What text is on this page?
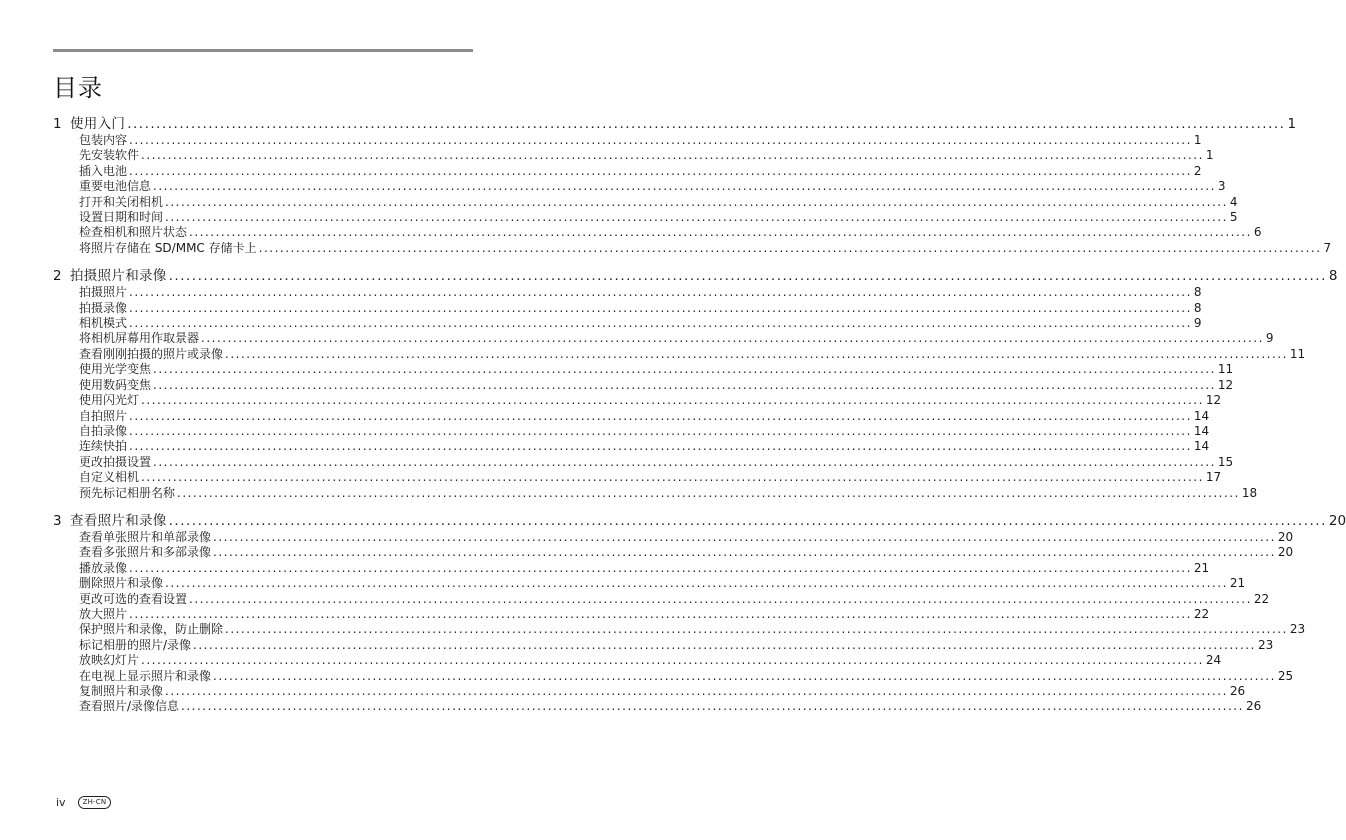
目录
1 使用入门 ........................................................................................................................................................................................................ 1
包装内容 ........................................................................................................................................................................................................ 1
先安装软件 ........................................................................................................................................................................................................ 1
插入电池 ........................................................................................................................................................................................................ 2
重要电池信息 ........................................................................................................................................................................................................ 3
打开和关闭相机 ........................................................................................................................................................................................................ 4
设置日期和时间 ........................................................................................................................................................................................................ 5
检查相机和照片状态 ........................................................................................................................................................................................................ 6
将照片存储在 SD/MMC 存储卡上 ........................................................................................................................................................................................................ 7
2 拍摄照片和录像 ........................................................................................................................................................................................................ 8
拍摄照片 ........................................................................................................................................................................................................ 8
拍摄录像 ........................................................................................................................................................................................................ 8
相机模式 ........................................................................................................................................................................................................ 9
将相机屏幕用作取景器 ........................................................................................................................................................................................................ 9
查看刚刚拍摄的照片或录像 ........................................................................................................................................................................................................ 11
使用光学变焦 ........................................................................................................................................................................................................ 11
使用数码变焦 ........................................................................................................................................................................................................ 12
使用闪光灯 ........................................................................................................................................................................................................ 12
自拍照片 ........................................................................................................................................................................................................ 14
自拍录像 ........................................................................................................................................................................................................ 14
连续快拍 ........................................................................................................................................................................................................ 14
更改拍摄设置 ........................................................................................................................................................................................................ 15
自定义相机 ........................................................................................................................................................................................................ 17
预先标记相册名称 ........................................................................................................................................................................................................ 18
3 查看照片和录像 ........................................................................................................................................................................................................ 20
查看单张照片和单部录像 ........................................................................................................................................................................................................ 20
查看多张照片和多部录像 ........................................................................................................................................................................................................ 20
播放录像 ........................................................................................................................................................................................................ 21
删除照片和录像 ........................................................................................................................................................................................................ 21
更改可选的查看设置 ........................................................................................................................................................................................................ 22
放大照片 ........................................................................................................................................................................................................ 22
保护照片和录像，防止删除 ........................................................................................................................................................................................................ 23
标记相册的照片/录像 ........................................................................................................................................................................................................ 23
放映幻灯片 ........................................................................................................................................................................................................ 24
在电视上显示照片和录像 ........................................................................................................................................................................................................ 25
复制照片和录像 ........................................................................................................................................................................................................ 26
查看照片/录像信息 ........................................................................................................................................................................................................ 26
iv	ZH-CN
